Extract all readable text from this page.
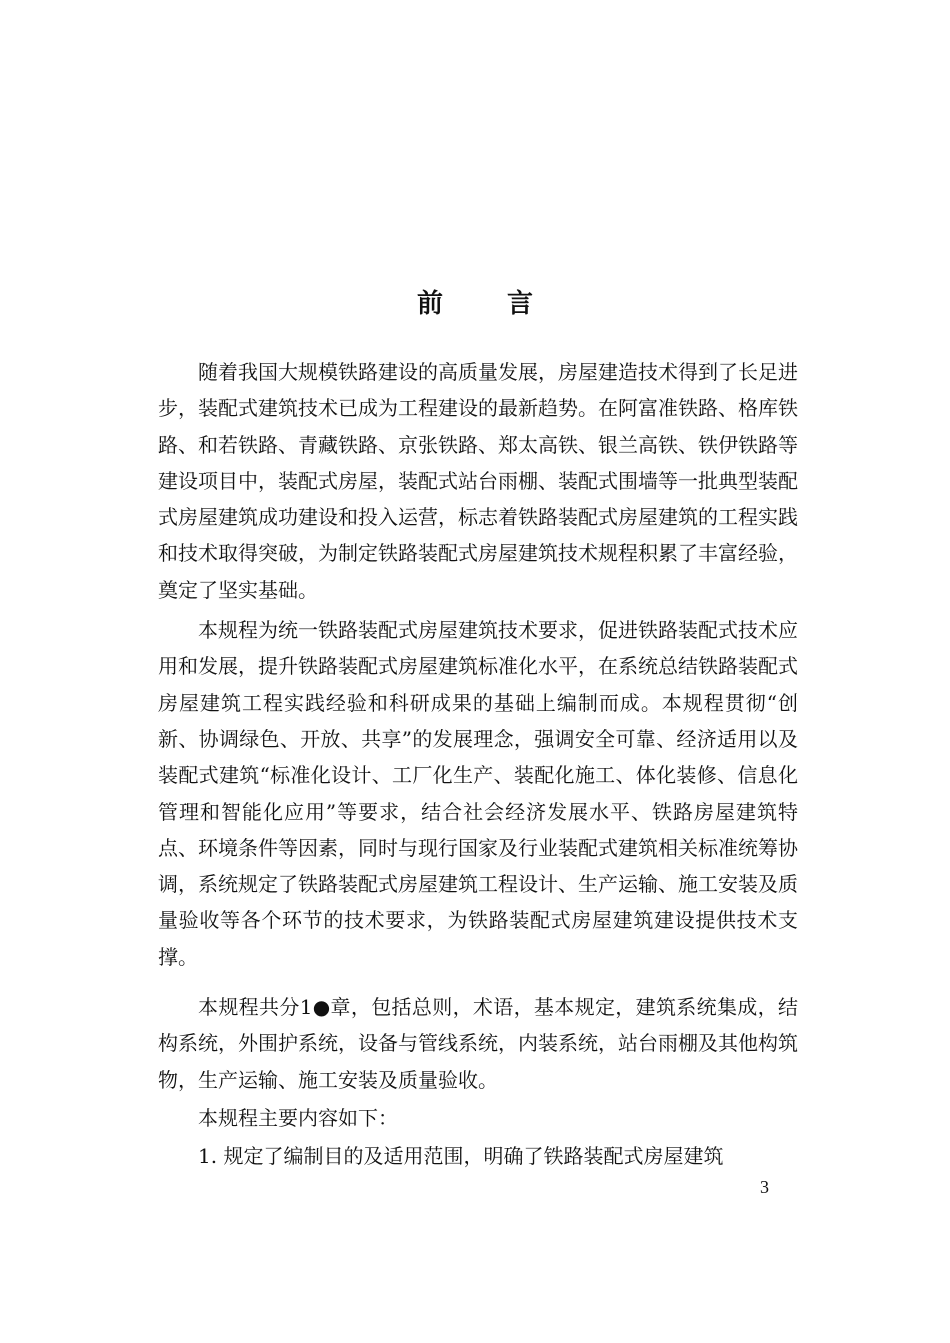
前 言

随着我国大规模铁路建设的高质量发展，房屋建造技术得到了长足进步，装配式建筑技术已成为工程建设的最新趋势。在阿富准铁路、格库铁路、和若铁路、青藏铁路、京张铁路、郑太高铁、银兰高铁、铁伊铁路等建设项目中，装配式房屋，装配式站台雨棚、装配式围墙等一批典型装配式房屋建筑成功建设和投入运营，标志着铁路装配式房屋建筑的工程实践和技术取得突破，为制定铁路装配式房屋建筑技术规程积累了丰富经验，奠定了坚实基础。

本规程为统一铁路装配式房屋建筑技术要求，促进铁路装配式技术应用和发展，提升铁路装配式房屋建筑标准化水平，在系统总结铁路装配式房屋建筑工程实践经验和科研成果的基础上编制而成。本规程贯彻“创新、协调绿色、开放、共享”的发展理念，强调安全可靠、经济适用以及装配式建筑“标准化设计、工厂化生产、装配化施工、体化装修、信息化管理和智能化应用”等要求，结合社会经济发展水平、铁路房屋建筑特点、环境条件等因素，同时与现行国家及行业装配式建筑相关标准统筹协调，系统规定了铁路装配式房屋建筑工程设计、生产运输、施工安装及质量验收等各个环节的技术要求，为铁路装配式房屋建筑建设提供技术支撑。

本规程共分1●章，包括总则，术语，基本规定，建筑系统集成，结构系统，外围护系统，设备与管线系统，内装系统，站台雨棚及其他构筑物，生产运输、施工安装及质量验收。

本规程主要内容如下：

1. 规定了编制目的及适用范围，明确了铁路装配式房屋建筑

3
